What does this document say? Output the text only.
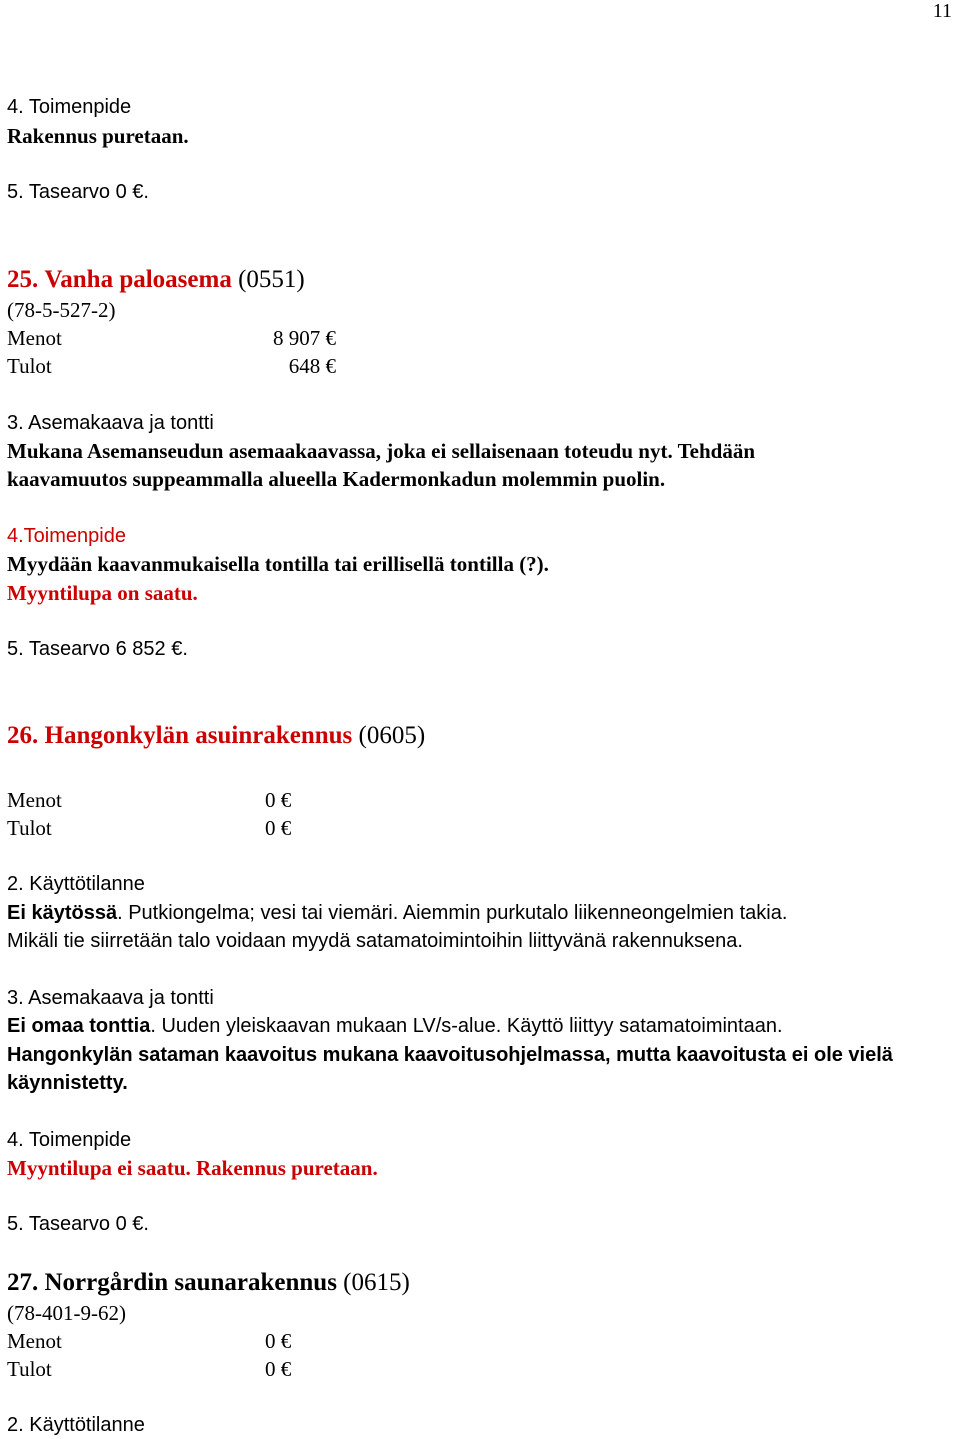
11
4. Toimenpide
Rakennus puretaan.
5. Tasearvo 0 €.
25. Vanha paloasema (0551)
(78-5-527-2)
Menot	8 907 €
Tulot	648 €
3. Asemakaava ja tontti
Mukana Asemanseudun asemaakaavassa, joka ei sellaisenaan toteudu nyt. Tehdään
kaavamuutos suppeammalla alueella Kadermonkadun molemmin puolin.
4.Toimenpide
Myydään kaavanmukaisella tontilla tai erillisellä tontilla (?).
Myyntilupa on saatu.
5. Tasearvo 6 852 €.
26. Hangonkylän asuinrakennus (0605)
Menot	0 €
Tulot	0 €
2. Käyttötilanne
Ei käytössä. Putkiongelma; vesi tai viemäri. Aiemmin purkutalo liikenneongelmien takia.
Mikäli tie siirretään talo voidaan myydä satamatoimintoihin liittyvänä rakennuksena.
3. Asemakaava ja tontti
Ei omaa tonttia. Uuden yleiskaavan mukaan LV/s-alue. Käyttö liittyy satamatoimintaan.
Hangonkylän sataman kaavoitus mukana kaavoitusohjelmassa, mutta kaavoitusta ei ole vielä
käynnistetty.
4. Toimenpide
Myyntilupa ei saatu. Rakennus puretaan.
5. Tasearvo 0 €.
27. Norrgårdin saunarakennus (0615)
(78-401-9-62)
Menot	0 €
Tulot	0 €
2. Käyttötilanne
